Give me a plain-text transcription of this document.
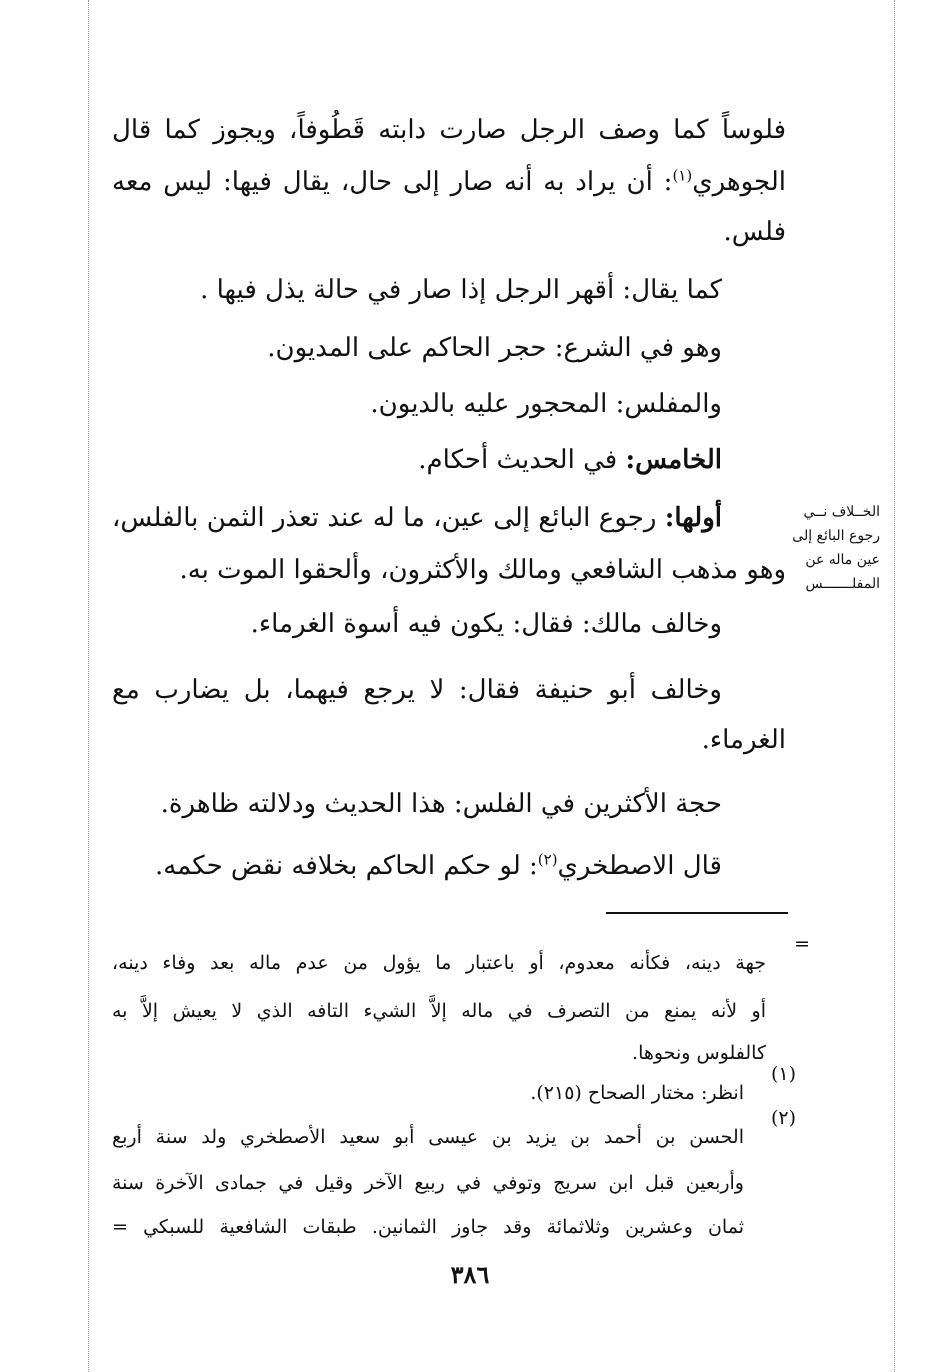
فلوساً كما وصف الرجل صارت دابته قَطُوفاً، ويجوز كما قال

الجوهري$^{(١)}$: أن يراد به أنه صار إلى حال، يقال فيها: ليس معه

فلس.

كما يقال: أقهر الرجل إذا صار في حالة يذل فيها .

وهو في الشرع: حجر الحاكم على المديون.

والمفلس: المحجور عليه بالديون.

الخامس: في الحديث أحكام.

أولها: رجوع البائع إلى عين، ما له عند تعذر الثمن بالفلس،

وهو مذهب الشافعي ومالك والأكثرون، وألحقوا الموت به.

وخالف مالك: فقال: يكون فيه أسوة الغرماء.

وخالف أبو حنيفة فقال: لا يرجع فيهما، بل يضارب مع

الغرماء.

حجة الأكثرين في الفلس: هذا الحديث ودلالته ظاهرة.

قال الاصطخري$^{(٢)}$: لو حكم الحاكم بخلافه نقض حكمه.

الخــلاف نــي
رجوع البائع إلى
عين ماله عن
المفلـــــــس
=

جهة دينه، فكأنه معدوم، أو باعتبار ما يؤول من عدم ماله بعد وفاء دينه،

أو لأنه يمنع من التصرف في ماله إلاَّ الشيء التافه الذي لا يعيش إلاَّ به

كالفلوس ونحوها.

(١)

انظر: مختار الصحاح (٢١٥).

(٢)

الحسن بن أحمد بن يزيد بن عيسى أبو سعيد الأصطخري ولد سنة أربع

وأربعين قبل ابن سريج وتوفي في ربيع الآخر وقيل في جمادى الآخرة سنة

ثمان وعشرين وثلاثمائة وقد جاوز الثمانين. طبقات الشافعية للسبكي =

٣٨٦
